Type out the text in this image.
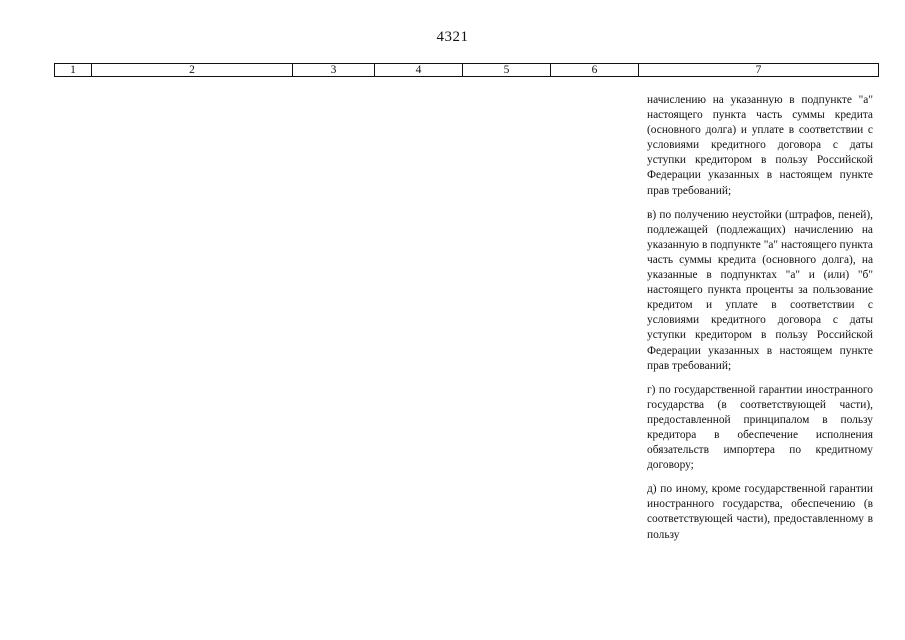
4321
1	2	3	4	5	6	7

начислению на указанную в подпункте "а" настоящего пункта часть суммы кредита (основного долга) и уплате в соответствии с условиями кредитного договора с даты уступки кредитором в пользу Российской Федерации указанных в настоящем пункте прав требований;

в) по получению неустойки (штрафов, пеней), подлежащей (подлежащих) начислению на указанную в подпункте "а" настоящего пункта часть суммы кредита (основного долга), на указанные в подпунктах "а" и (или) "б" настоящего пункта проценты за пользование кредитом и уплате в соответствии с условиями кредитного договора с даты уступки кредитором в пользу Российской Федерации указанных в настоящем пункте прав требований;

г) по государственной гарантии иностранного государства (в соответствующей части), предоставленной принципалом в пользу кредитора в обеспечение исполнения обязательств импортера по кредитному договору;

д) по иному, кроме государственной гарантии иностранного государства, обеспечению (в соответствующей части), предоставленному в пользу
